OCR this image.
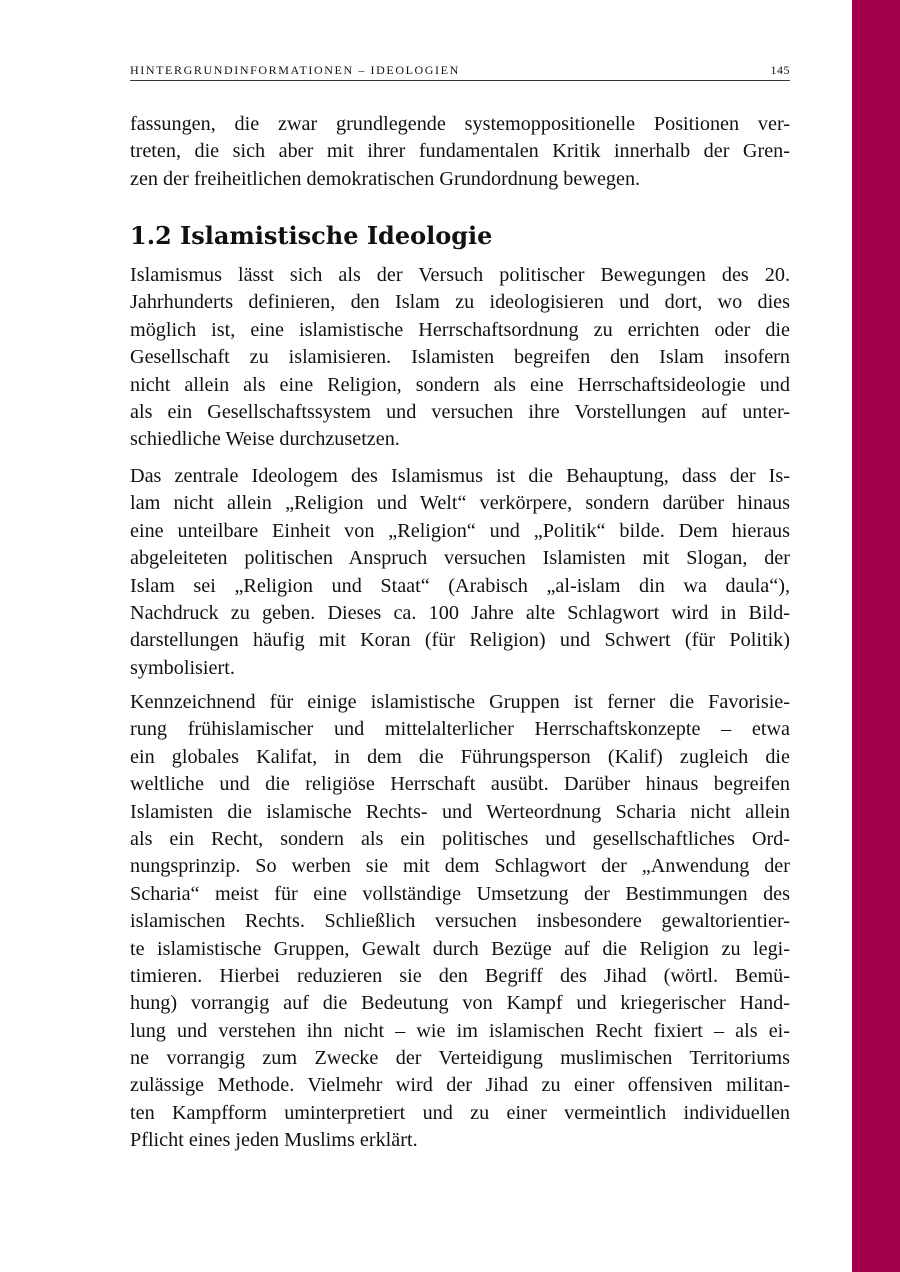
HINTERGRUNDINFORMATIONEN – IDEOLOGIEN	145
fassungen, die zwar grundlegende systemoppositionelle Positionen ver-
treten, die sich aber mit ihrer fundamentalen Kritik innerhalb der Gren-
zen der freiheitlichen demokratischen Grundordnung bewegen.
1.2 Islamistische Ideologie
Islamismus lässt sich als der Versuch politischer Bewegungen des 20.
Jahrhunderts definieren, den Islam zu ideologisieren und dort, wo dies
möglich ist, eine islamistische Herrschaftsordnung zu errichten oder die
Gesellschaft zu islamisieren. Islamisten begreifen den Islam insofern
nicht allein als eine Religion, sondern als eine Herrschaftsideologie und
als ein Gesellschaftssystem und versuchen ihre Vorstellungen auf unter-
schiedliche Weise durchzusetzen.
Das zentrale Ideologem des Islamismus ist die Behauptung, dass der Is-
lam nicht allein „Religion und Welt“ verkörpere, sondern darüber hinaus
eine unteilbare Einheit von „Religion“ und „Politik“ bilde. Dem hieraus
abgeleiteten politischen Anspruch versuchen Islamisten mit Slogan, der
Islam sei „Religion und Staat“ (Arabisch „al-islam din wa daula“),
Nachdruck zu geben. Dieses ca. 100 Jahre alte Schlagwort wird in Bild-
darstellungen häufig mit Koran (für Religion) und Schwert (für Politik)
symbolisiert.
Kennzeichnend für einige islamistische Gruppen ist ferner die Favorisie-
rung frühislamischer und mittelalterlicher Herrschaftskonzepte – etwa
ein globales Kalifat, in dem die Führungsperson (Kalif) zugleich die
weltliche und die religiöse Herrschaft ausübt. Darüber hinaus begreifen
Islamisten die islamische Rechts- und Werteordnung Scharia nicht allein
als ein Recht, sondern als ein politisches und gesellschaftliches Ord-
nungsprinzip. So werben sie mit dem Schlagwort der „Anwendung der
Scharia“ meist für eine vollständige Umsetzung der Bestimmungen des
islamischen Rechts. Schließlich versuchen insbesondere gewaltorientier-
te islamistische Gruppen, Gewalt durch Bezüge auf die Religion zu legi-
timieren. Hierbei reduzieren sie den Begriff des Jihad (wörtl. Bemü-
hung) vorrangig auf die Bedeutung von Kampf und kriegerischer Hand-
lung und verstehen ihn nicht – wie im islamischen Recht fixiert – als ei-
ne vorrangig zum Zwecke der Verteidigung muslimischen Territoriums
zulässige Methode. Vielmehr wird der Jihad zu einer offensiven militan-
ten Kampfform uminterpretiert und zu einer vermeintlich individuellen
Pflicht eines jeden Muslims erklärt.
